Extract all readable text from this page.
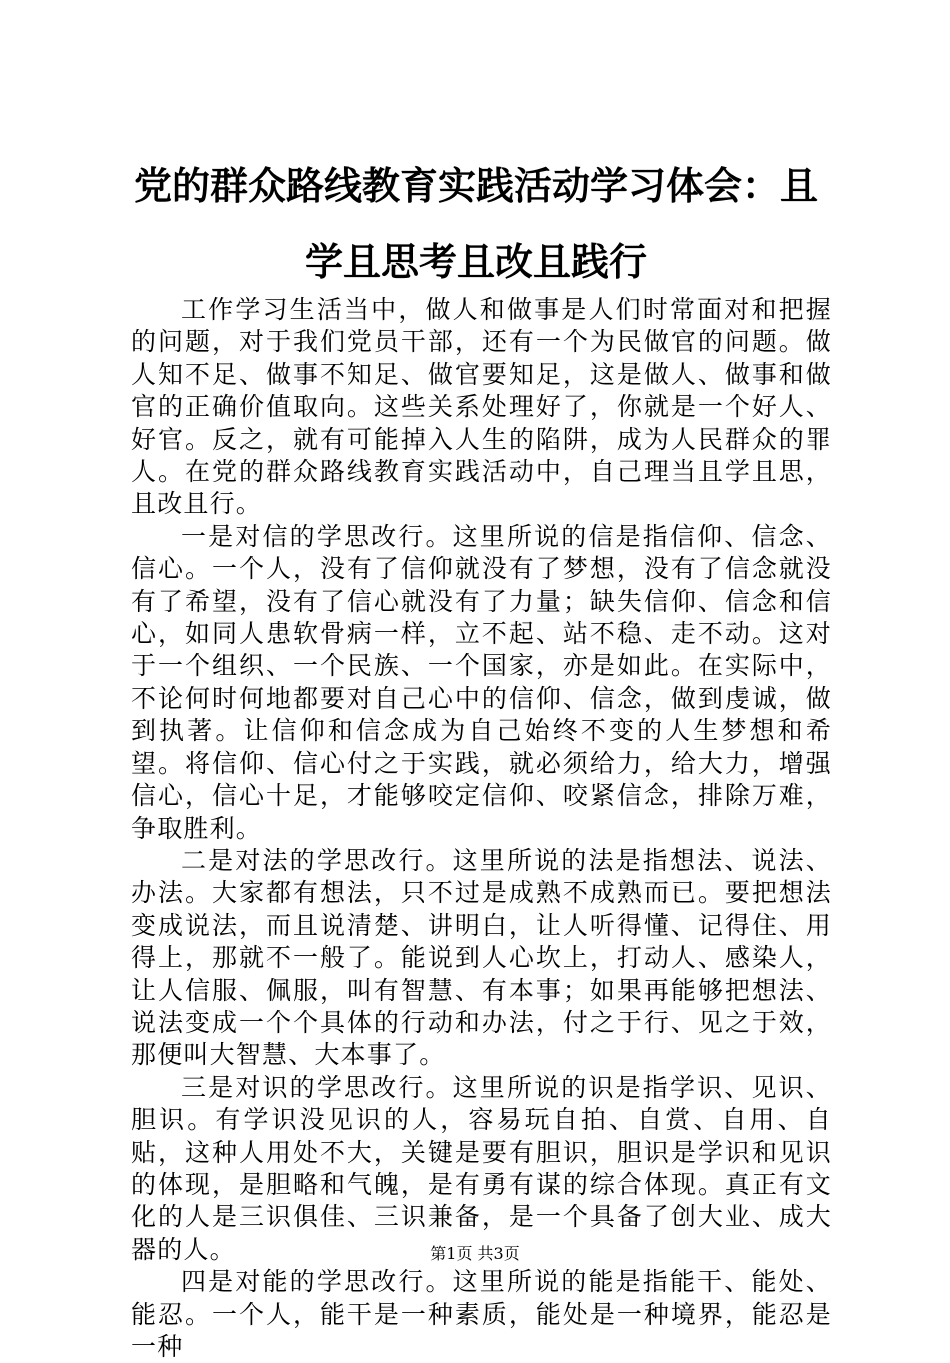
党的群众路线教育实践活动学习体会：且学且思考且改且践行

工作学习生活当中，做人和做事是人们时常面对和把握的问题，对于我们党员干部，还有一个为民做官的问题。做人知不足、做事不知足、做官要知足，这是做人、做事和做官的正确价值取向。这些关系处理好了，你就是一个好人、好官。反之，就有可能掉入人生的陷阱，成为人民群众的罪人。在党的群众路线教育实践活动中，自己理当且学且思，且改且行。

一是对信的学思改行。这里所说的信是指信仰、信念、信心。一个人，没有了信仰就没有了梦想，没有了信念就没有了希望，没有了信心就没有了力量；缺失信仰、信念和信心，如同人患软骨病一样，立不起、站不稳、走不动。这对于一个组织、一个民族、一个国家，亦是如此。在实际中，不论何时何地都要对自己心中的信仰、信念，做到虔诚，做到执著。让信仰和信念成为自己始终不变的人生梦想和希望。将信仰、信心付之于实践，就必须给力，给大力，增强信心，信心十足，才能够咬定信仰、咬紧信念，排除万难，争取胜利。

二是对法的学思改行。这里所说的法是指想法、说法、办法。大家都有想法，只不过是成熟不成熟而已。要把想法变成说法，而且说清楚、讲明白，让人听得懂、记得住、用得上，那就不一般了。能说到人心坎上，打动人、感染人，让人信服、佩服，叫有智慧、有本事；如果再能够把想法、说法变成一个个具体的行动和办法，付之于行、见之于效，那便叫大智慧、大本事了。

三是对识的学思改行。这里所说的识是指学识、见识、胆识。有学识没见识的人，容易玩自拍、自赏、自用、自贴，这种人用处不大，关键是要有胆识，胆识是学识和见识的体现，是胆略和气魄，是有勇有谋的综合体现。真正有文化的人是三识俱佳、三识兼备，是一个具备了创大业、成大器的人。

四是对能的学思改行。这里所说的能是指能干、能处、能忍。一个人，能干是一种素质，能处是一种境界，能忍是一种

第1页 共3页
